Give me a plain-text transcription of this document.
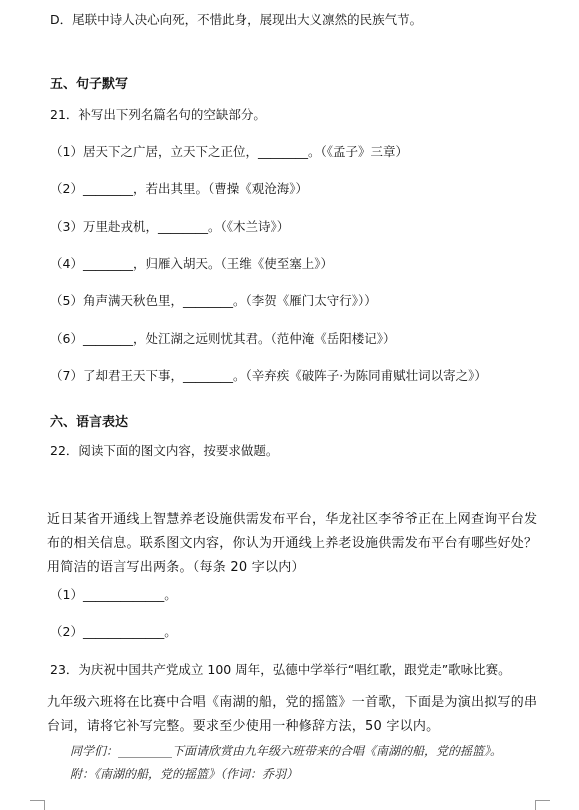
D．尾联中诗人决心向死，不惜此身，展现出大义凛然的民族气节。
五、句子默写
21．补写出下列名篇名句的空缺部分。
（1）居天下之广居，立天下之正位，________。（《孟子》三章）
（2）________，若出其里。（曹操《观沧海》）
（3）万里赴戎机，________。（《木兰诗》）
（4）________，归雁入胡天。（王维《使至塞上》）
（5）角声满天秋色里，________。（李贺《雁门太守行》））
（6）________，处江湖之远则忧其君。（范仲淹《岳阳楼记》）
（7）了却君王天下事，________。（辛弃疾《破阵子·为陈同甫赋壮词以寄之》）
六、语言表达
22．阅读下面的图文内容，按要求做题。
近日某省开通线上智慧养老设施供需发布平台，华龙社区李爷爷正在上网查询平台发
布的相关信息。联系图文内容，你认为开通线上养老设施供需发布平台有哪些好处？
用简洁的语言写出两条。（每条 20 字以内）
（1）_____________。
（2）_____________。
23．为庆祝中国共产党成立 100 周年，弘德中学举行“唱红歌，跟党走”歌咏比赛。
九年级六班将在比赛中合唱《南湖的船，党的摇篮》一首歌，下面是为演出拟写的串
台词，请将它补写完整。要求至少使用一种修辞方法，50 字以内。
同学们：_________下面请欣赏由九年级六班带来的合唱《南湖的船，党的摇篮》。
附：《南湖的船，党的摇篮》（作词：乔羽）
